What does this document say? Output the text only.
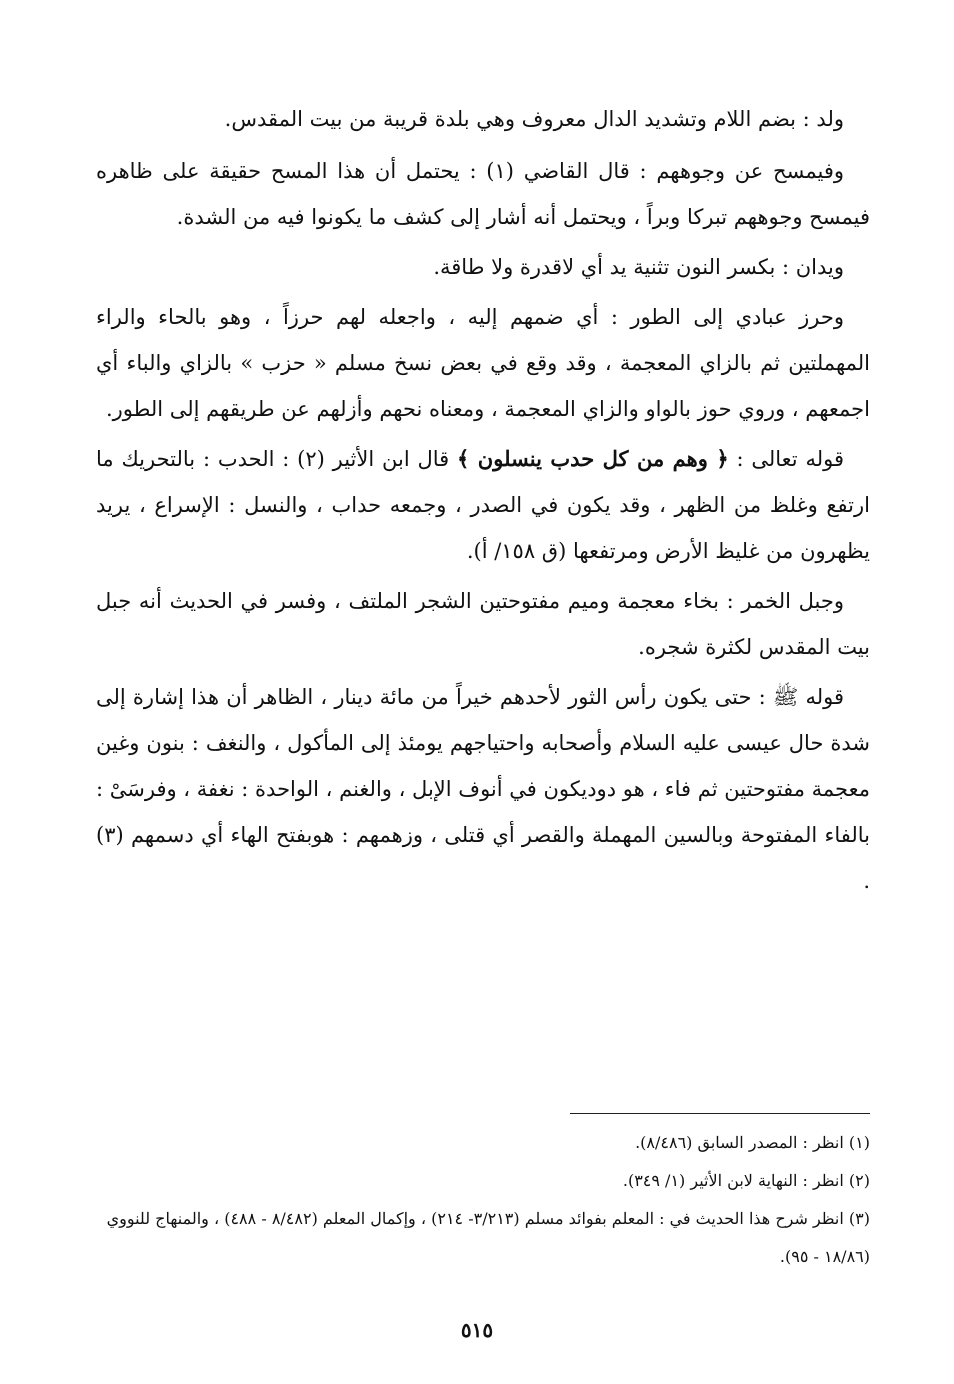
ولد : بضم اللام وتشديد الدال معروف وهي بلدة قريبة من بيت المقدس.

وفيمسح عن وجوههم : قال القاضي (١) : يحتمل أن هذا المسح حقيقة على ظاهره فيمسح وجوههم تبركا وبراً ، ويحتمل أنه أشار إلى كشف ما يكونوا فيه من الشدة.

ويدان : بكسر النون تثنية يد أي لاقدرة ولا طاقة.

وحرز عبادي إلى الطور : أي ضمهم إليه ، واجعله لهم حرزاً ، وهو بالحاء والراء المهملتين ثم بالزاي المعجمة ، وقد وقع في بعض نسخ مسلم « حزب » بالزاي والباء أي اجمعهم ، وروي حوز بالواو والزاي المعجمة ، ومعناه نحهم وأزلهم عن طريقهم إلى الطور.

قوله تعالى : ﴿ وهم من كل حدب ينسلون ﴾ قال ابن الأثير (٢) : الحدب : بالتحريك ما ارتفع وغلظ من الظهر ، وقد يكون في الصدر ، وجمعه حداب ، والنسل : الإسراع ، يريد يظهرون من غليظ الأرض ومرتفعها (ق ١٥٨/ أ).

وجبل الخمر : بخاء معجمة وميم مفتوحتين الشجر الملتف ، وفسر في الحديث أنه جبل بيت المقدس لكثرة شجره.

قوله ﷺ : حتى يكون رأس الثور لأحدهم خيراً من مائة دينار ، الظاهر أن هذا إشارة إلى شدة حال عيسى عليه السلام وأصحابه واحتياجهم يومئذ إلى المأكول ، والنغف : بنون وغين معجمة مفتوحتين ثم فاء ، هو دوديكون في أنوف الإبل ، والغنم ، الواحدة : نغفة ، وفرسَىْ : بالفاء المفتوحة وبالسين المهملة والقصر أي قتلى ، وزهمهم : هوبفتح الهاء أي دسمهم (٣) .

(١) انظر : المصدر السابق (٨/٤٨٦).

(٢) انظر : النهاية لابن الأثير (١/ ٣٤٩).

(٣) انظر شرح هذا الحديث في : المعلم بفوائد مسلم (٣/٢١٣- ٢١٤) ، وإكمال المعلم (٨/٤٨٢ - ٤٨٨) ، والمنهاج للنووي (١٨/٨٦ - ٩٥).

٥١٥
